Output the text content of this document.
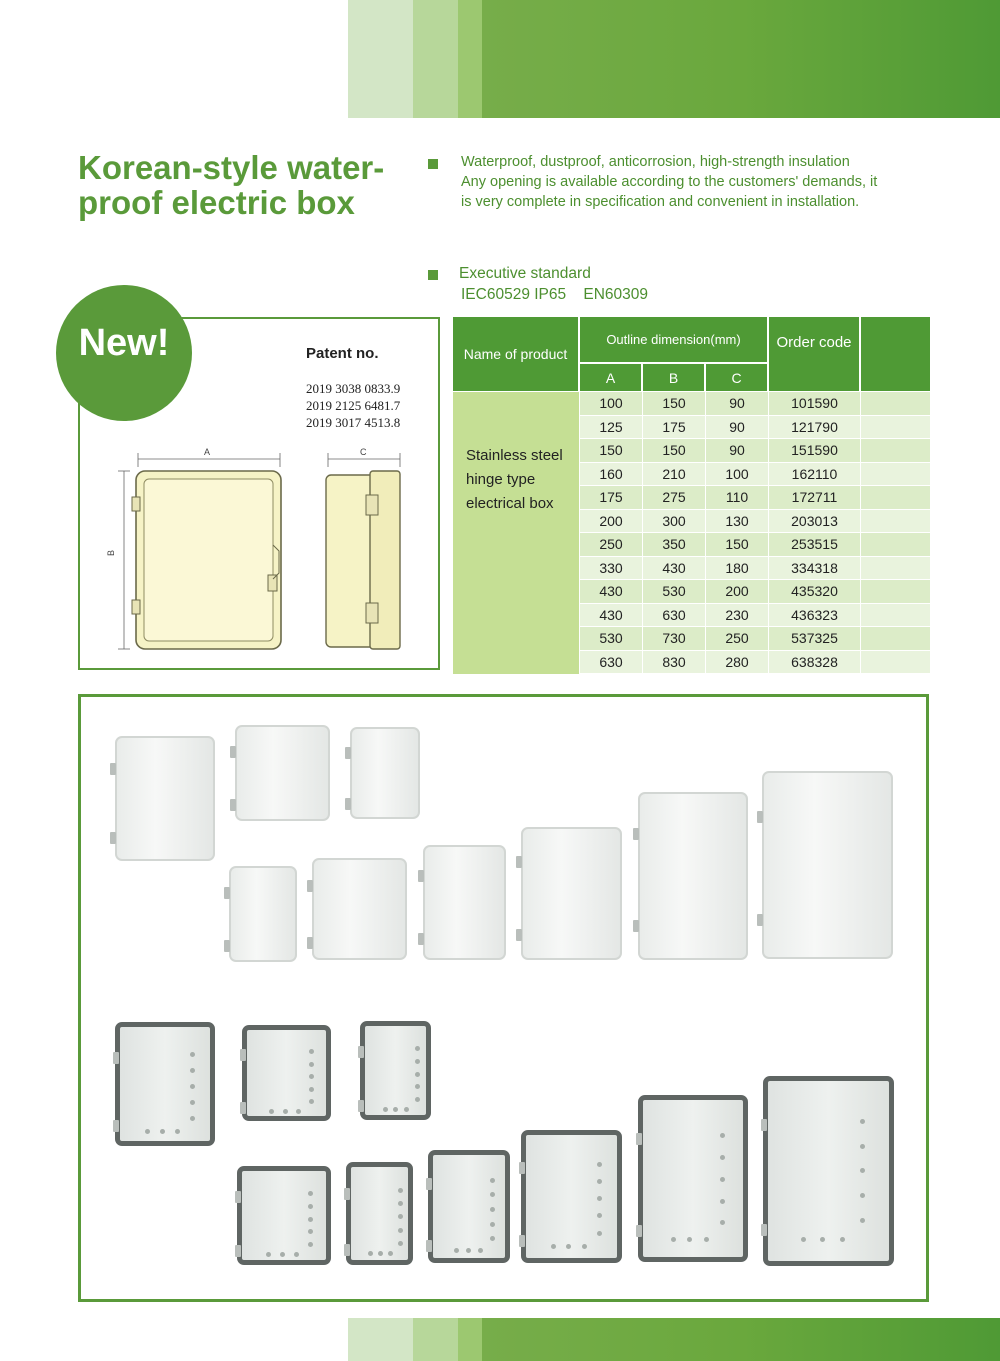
Korean-style water-
proof electric box
Waterproof, dustproof, anticorrosion, high-strength insulation
Any opening is available according to the customers' demands, it
is very complete in specification and convenient in installation.
Executive standard
IEC60529 IP65    EN60309
New!	Patent no.
2019 3038 0833.9
2019 2125 6481.7
2019 3017 4513.8
A
B
C
Name of product
Outline dimension(mm)
A	B	C
Order code
Stainless steel
hinge type
electrical box
100	150	90	101590
125	175	90	121790
150	150	90	151590
160	210	100	162110
175	275	110	172711
200	300	130	203013
250	350	150	253515
330	430	180	334318
430	530	200	435320
430	630	230	436323
530	730	250	537325
630	830	280	638328
